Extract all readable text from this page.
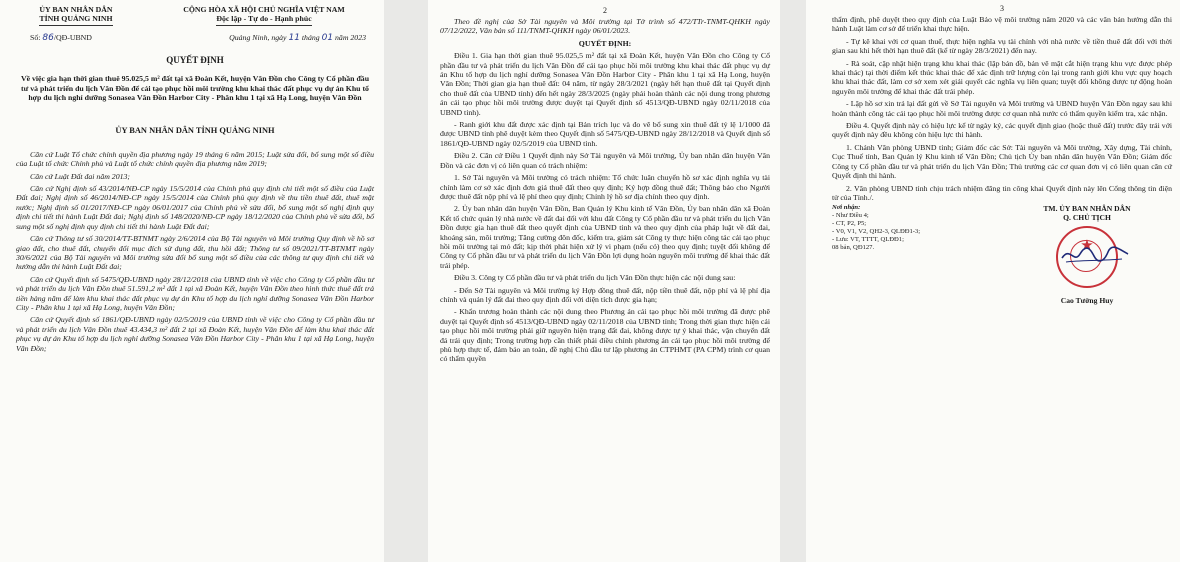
ỦY BAN NHÂN DÂN

TỈNH QUẢNG NINH

CỘNG HÒA XÃ HỘI CHỦ NGHĨA VIỆT NAM

Độc lập - Tự do - Hạnh phúc

Số: 86/QĐ-UBND	Quảng Ninh, ngày 11 tháng 01 năm 2023

QUYẾT ĐỊNH

Về việc gia hạn thời gian thuê 95.025,5 m² đất tại xã Đoàn Kết, huyện Vân Đồn cho Công ty Cổ phần đầu tư và phát triển du lịch Vân Đồn để cải tạo phục hồi môi trường khu khai thác đất phục vụ dự án Khu tổ hợp du lịch nghỉ dưỡng Sonasea Vân Đồn Harbor City - Phân khu 1 tại xã Hạ Long, huyện Vân Đồn

ỦY BAN NHÂN DÂN TỈNH QUẢNG NINH

Căn cứ Luật Tổ chức chính quyền địa phương ngày 19 tháng 6 năm 2015; Luật sửa đổi, bổ sung một số điều của Luật tổ chức Chính phủ và Luật tổ chức chính quyền địa phương năm 2019;

Căn cứ Luật Đất đai năm 2013;

Căn cứ Nghị định số 43/2014/NĐ-CP ngày 15/5/2014 của Chính phủ quy định chi tiết một số điều của Luật Đất đai; Nghị định số 46/2014/NĐ-CP ngày 15/5/2014 của Chính phủ quy định về thu tiền thuê đất, thuê mặt nước; Nghị định số 01/2017/NĐ-CP ngày 06/01/2017 của Chính phủ về sửa đổi, bổ sung một số nghị định quy định chi tiết thi hành Luật Đất đai; Nghị định số 148/2020/NĐ-CP ngày 18/12/2020 của Chính phủ về sửa đổi, bổ sung một số nghị định quy định chi tiết thi hành Luật Đất đai;

Căn cứ Thông tư số 30/2014/TT-BTNMT ngày 2/6/2014 của Bộ Tài nguyên và Môi trường Quy định về hồ sơ giao đất, cho thuê đất, chuyển đổi mục đích sử dụng đất, thu hồi đất; Thông tư số 09/2021/TT-BTNMT ngày 30/6/2021 của Bộ Tài nguyên và Môi trường sửa đổi bổ sung một số điều của các thông tư quy định chi tiết và hướng dẫn thi hành Luật Đất đai;

Căn cứ Quyết định số 5475/QĐ-UBND ngày 28/12/2018 của UBND tỉnh về việc cho Công ty Cổ phần đầu tư và phát triển du lịch Vân Đồn thuê 51.591,2 m² đất 1 tại xã Đoàn Kết, huyện Vân Đồn theo hình thức thuê đất trả tiền hàng năm để làm khu khai thác đất phục vụ dự án Khu tổ hợp du lịch nghỉ dưỡng Sonasea Vân Đồn Harbor City - Phân khu 1 tại xã Hạ Long, huyện Vân Đồn;

Căn cứ Quyết định số 1861/QĐ-UBND ngày 02/5/2019 của UBND tỉnh về việc cho Công ty Cổ phần đầu tư và phát triển du lịch Vân Đồn thuê 43.434,3 m² đất 2 tại xã Đoàn Kết, huyện Vân Đồn để làm khu khai thác đất phục vụ dự án Khu tổ hợp du lịch nghỉ dưỡng Sonasea Vân Đồn Harbor City - Phân khu 1 tại xã Hạ Long, huyện Vân Đồn;

2

Theo đề nghị của Sở Tài nguyên và Môi trường tại Tờ trình số 472/TTr-TNMT-QHKH ngày 07/12/2022, Văn bản số 111/TNMT-QHKH ngày 06/01/2023.

QUYẾT ĐỊNH:

Điều 1. Gia hạn thời gian thuê 95.025,5 m² đất tại xã Đoàn Kết, huyện Vân Đồn cho Công ty Cổ phần đầu tư và phát triển du lịch Vân Đồn để cải tạo phục hồi môi trường khu khai thác đất phục vụ dự án Khu tổ hợp du lịch nghỉ dưỡng Sonasea Vân Đồn Harbor City - Phân khu 1 tại xã Hạ Long, huyện Vân Đồn; Thời gian gia hạn thuê đất: 04 năm, từ ngày 28/3/2021 (ngày hết hạn thuê đất tại Quyết định cho thuê đất của UBND tỉnh) đến hết ngày 28/3/2025 (ngày phải hoàn thành các nội dung trong phương án cải tạo phục hồi môi trường được duyệt tại Quyết định số 4513/QĐ-UBND ngày 02/11/2018 của UBND tỉnh).

- Ranh giới khu đất được xác định tại Bản trích lục và đo vẽ bổ sung xin thuê đất tỷ lệ 1/1000 đã được UBND tỉnh phê duyệt kèm theo Quyết định số 5475/QĐ-UBND ngày 28/12/2018 và Quyết định số 1861/QĐ-UBND ngày 02/5/2019 của UBND tỉnh.

Điều 2. Căn cứ Điều 1 Quyết định này Sở Tài nguyên và Môi trường, Ủy ban nhân dân huyện Vân Đồn và các đơn vị có liên quan có trách nhiệm:

1. Sở Tài nguyên và Môi trường có trách nhiệm: Tổ chức luân chuyển hồ sơ xác định nghĩa vụ tài chính làm cơ sở xác định đơn giá thuê đất theo quy định; Ký hợp đồng thuê đất; Thông báo cho Người được thuê đất nộp phí và lệ phí theo quy định; Chỉnh lý hồ sơ địa chính theo quy định.

2. Ủy ban nhân dân huyện Vân Đồn, Ban Quản lý Khu kinh tế Vân Đồn, Ủy ban nhân dân xã Đoàn Kết tổ chức quản lý nhà nước về đất đai đối với khu đất Công ty Cổ phần đầu tư và phát triển du lịch Vân Đồn được gia hạn thuê đất theo quyết định của UBND tỉnh và theo quy định của pháp luật về đất đai, khoáng sản, môi trường; Tăng cường đôn đốc, kiểm tra, giám sát Công ty thực hiện công tác cải tạo phục hồi môi trường tại mỏ đất; kịp thời phát hiện xử lý vi phạm (nếu có) theo quy định; tuyệt đối không để Công ty Cổ phần đầu tư và phát triển du lịch Vân Đồn lợi dụng hoàn nguyên môi trường để khai thác đất trái phép.

Điều 3. Công ty Cổ phần đầu tư và phát triển du lịch Vân Đồn thực hiện các nội dung sau:

- Đến Sở Tài nguyên và Môi trường ký Hợp đồng thuê đất, nộp tiền thuê đất, nộp phí và lệ phí địa chính và quản lý đất đai theo quy định đối với diện tích được gia hạn;

- Khẩn trương hoàn thành các nội dung theo Phương án cải tạo phục hồi môi trường đã được phê duyệt tại Quyết định số 4513/QĐ-UBND ngày 02/11/2018 của UBND tỉnh; Trong thời gian thực hiện cải tạo phục hồi môi trường phải giữ nguyên hiện trạng đất đai, không được tự ý khai thác, vận chuyển đất đá trái quy định; Trong trường hợp cần thiết phải điều chỉnh phương án cải tạo phục hồi môi trường để phù hợp thực tế, đảm bảo an toàn, đề nghị Chủ đầu tư lập phương án CTPHMT (PA CPM) trình cơ quan có thẩm quyền

3

thẩm định, phê duyệt theo quy định của Luật Bảo vệ môi trường năm 2020 và các văn bản hướng dẫn thi hành Luật làm cơ sở để triển khai thực hiện.

- Tự kê khai với cơ quan thuế, thực hiện nghĩa vụ tài chính với nhà nước về tiền thuê đất đối với thời gian sau khi hết thời hạn thuê đất (kể từ ngày 28/3/2021) đến nay.

- Rà soát, cập nhật hiện trạng khu khai thác (lập bản đồ, bản vẽ mặt cắt hiện trạng khu vực được phép khai thác) tại thời điểm kết thúc khai thác để xác định trữ lượng còn lại trong ranh giới khu vực quy hoạch khu khai thác đất, làm cơ sở xem xét giải quyết các nghĩa vụ liên quan; tuyệt đối không được tự động hoàn nguyên môi trường để khai thác đất trái phép.

- Lập hồ sơ xin trả lại đất gửi về Sở Tài nguyên và Môi trường và UBND huyện Vân Đồn ngay sau khi hoàn thành công tác cải tạo phục hồi môi trường được cơ quan nhà nước có thẩm quyền kiểm tra, xác nhận.

Điều 4. Quyết định này có hiệu lực kể từ ngày ký, các quyết định giao (hoặc thuê đất) trước đây trái với quyết định này đều không còn hiệu lực thi hành.

1. Chánh Văn phòng UBND tỉnh; Giám đốc các Sở: Tài nguyên và Môi trường, Xây dựng, Tài chính, Cục Thuế tỉnh, Ban Quản lý Khu kinh tế Vân Đồn; Chủ tịch Ủy ban nhân dân huyện Vân Đồn; Giám đốc Công ty Cổ phần đầu tư và phát triển du lịch Vân Đồn; Thủ trưởng các cơ quan đơn vị có liên quan căn cứ Quyết định thi hành.

2. Văn phòng UBND tỉnh chịu trách nhiệm đăng tin công khai Quyết định này lên Cổng thông tin điện tử của Tỉnh./.

Nơi nhận:
- Như Điều 4;
- CT, P2, P5;
- V0, V1, V2, QH2-3, QLĐĐ1-3;
- Lưu: VT, TTTT, QLĐĐ1;
08 bản, QĐ127.
TM. ỦY BAN NHÂN DÂN
Q. CHỦ TỊCH
★
Cao Tường Huy
